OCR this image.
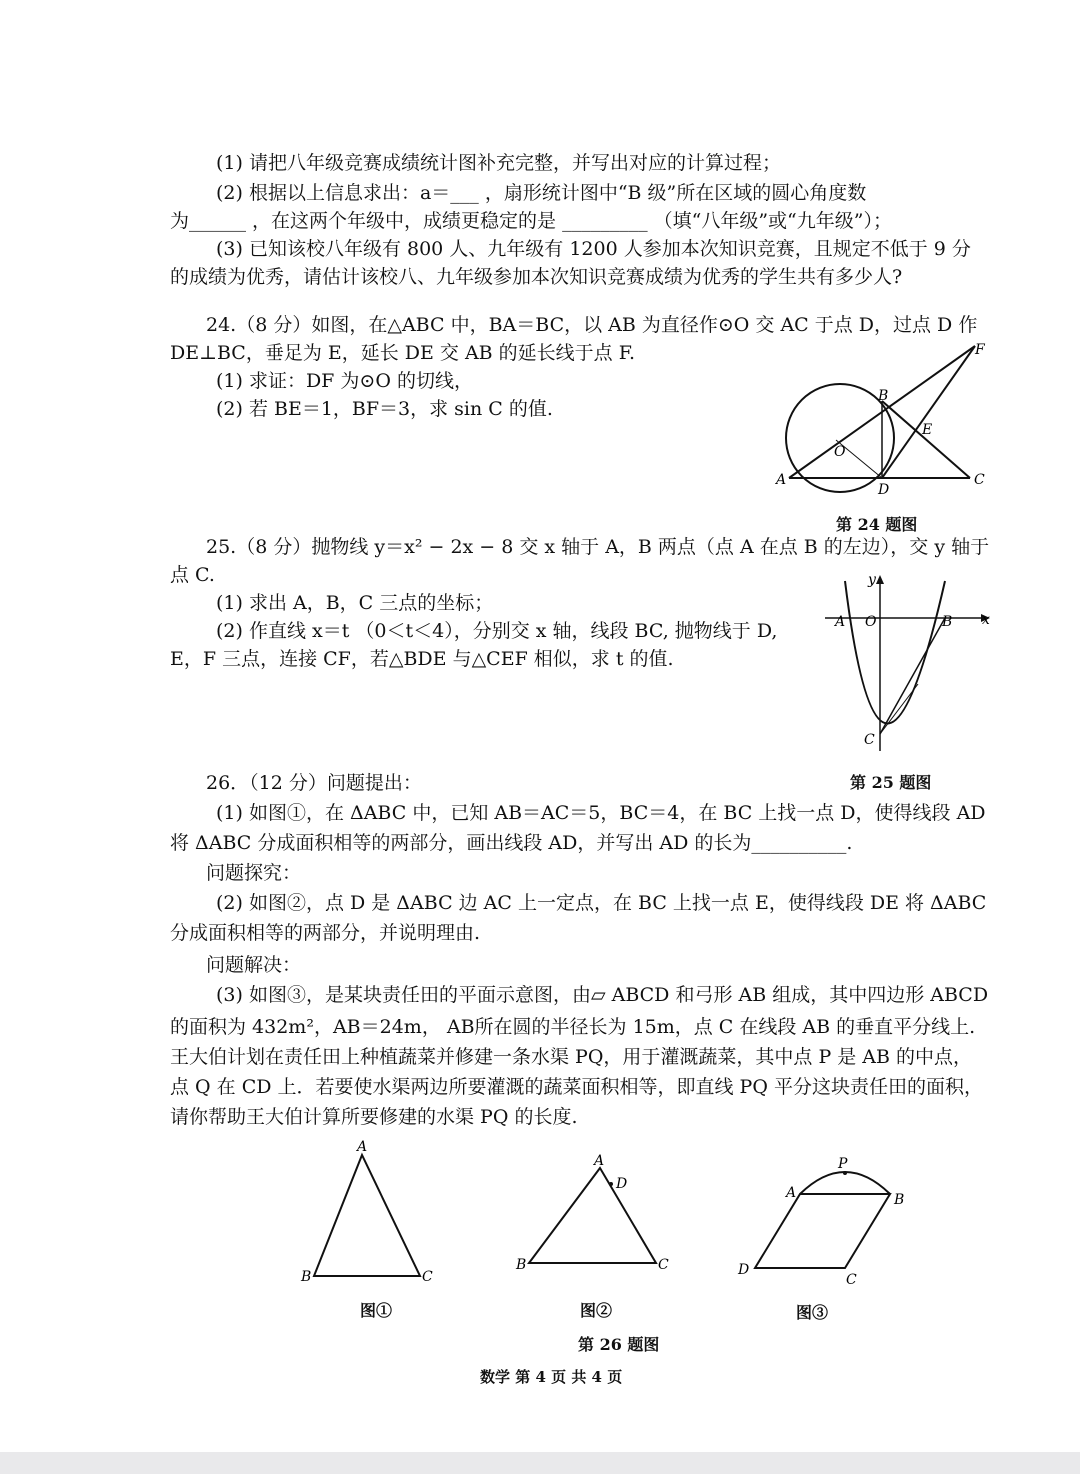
(1) 请把八年级竞赛成绩统计图补充完整，并写出对应的计算过程；
(2) 根据以上信息求出：a＝___ ，扇形统计图中“B 级”所在区域的圆心角度数
为______ ，在这两个年级中，成绩更稳定的是 _________ （填“八年级”或“九年级”）；
(3) 已知该校八年级有 800 人、九年级有 1200 人参加本次知识竞赛，且规定不低于 9 分
的成绩为优秀，请估计该校八、九年级参加本次知识竞赛成绩为优秀的学生共有多少人?
24.（8 分）如图，在△ABC 中，BA＝BC，以 AB 为直径作⊙O 交 AC 于点 D，过点 D 作
DE⊥BC，垂足为 E，延长 DE 交 AB 的延长线于点 F.
(1) 求证：DF 为⊙O 的切线，
(2) 若 BE＝1，BF＝3，求 sin C 的值.
F
B
E
O
A
D
C
第 24 题图
25.（8 分）抛物线 y＝x² − 2x − 8 交 x 轴于 A，B 两点（点 A 在点 B 的左边），交 y 轴于
点 C.
(1) 求出 A，B，C 三点的坐标；
(2) 作直线 x＝t （0＜t＜4），分别交 x 轴，线段 BC, 抛物线于 D,
E，F 三点，连接 CF，若△BDE 与△CEF 相似，求 t 的值.
y
x
A O	B
C
26．（12 分）问题提出：	第 25 题图
(1) 如图①，在 ΔABC 中，已知 AB＝AC＝5，BC＝4，在 BC 上找一点 D，使得线段 AD
将 ΔABC 分成面积相等的两部分，画出线段 AD，并写出 AD 的长为__________.
问题探究：
(2) 如图②，点 D 是 ΔABC 边 AC 上一定点，在 BC 上找一点 E，使得线段 DE 将 ΔABC
分成面积相等的两部分，并说明理由.
问题解决：
(3) 如图③，是某块责任田的平面示意图，由▱ ABCD 和弓形 AB 组成，其中四边形 ABCD
的面积为 432m²，AB＝24m， AB所在圆的半径长为 15m，点 C 在线段 AB 的垂直平分线上.
王大伯计划在责任田上种植蔬菜并修建一条水渠 PQ，用于灌溉蔬菜，其中点 P 是 AB 的中点，
点 Q 在 CD 上．若要使水渠两边所要灌溉的蔬菜面积相等，即直线 PQ 平分这块责任田的面积，
请你帮助王大伯计算所要修建的水渠 PQ 的长度.
A
B	C
图①
A
D
B	C
图②
P
A	B
D
C
图③
第 26 题图
数学 第 4 页 共 4 页
